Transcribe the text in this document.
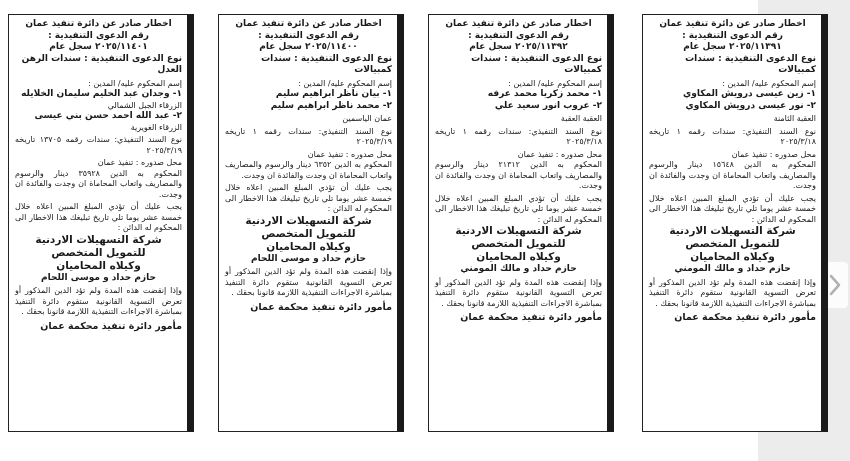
اخطار صادر عن دائرة تنفيذ عمان

رقم الدعوى التنفيذية :

٢٠٢٥/١١٤٠١ سجل عام

نوع الدعوى التنفيذية : سندات الرهن العدل

إسم المحكوم عليه/ المدين :

١- وجدان عبد الحليم سليمان الخلايله

الزرقاء الجبل الشمالي

٢- عبد الله احمد حسن بني عيسى

الزرقاء الغويرية

نوع السند التنفيذي: سندات رقمه ١٣٧٠٥ تاريخه ٢٠٢٥/٣/١٩

محل صدوره : تنفيذ عمان

المحكوم به الدين ٣٥٩٢٨ دينار والرسوم والمصاريف واتعاب المحاماة ان وجدت والفائدة ان وجدت.

يجب عليك أن تؤدي المبلغ المبين اعلاه خلال خمسة عشر يوما تلي تاريخ تبليغك هذا الاخطار الى المحكوم له الدائن :

شركة التسهيلات الاردنية للتمويل المتخصص

وكيلاه المحاميان

حازم حداد و موسى اللحام

وإذا إنقضت هذه المدة ولم تؤد الدين المذكور أو تعرض التسوية القانونية ستقوم دائرة التنفيذ بمباشرة الاجراءات التنفيذية اللازمة قانونا بحقك .

مأمور دائرة تنفيذ محكمة عمان

اخطار صادر عن دائرة تنفيذ عمان

رقم الدعوى التنفيذية :

٢٠٢٥/١١٤٠٠ سجل عام

نوع الدعوى التنفيذية : سندات كمبيالات

إسم المحكوم عليه/ المدين :

١- بيان ناظر ابراهيم سليم

٢- محمد ناظر ابراهيم سليم

عمان الياسمين

نوع السند التنفيذي: سندات رقمه ١ تاريخه ٢٠٢٥/٣/١٩

محل صدوره : تنفيذ عمان

المحكوم به الدين ٦٣٥٢ دينار والرسوم والمصاريف واتعاب المحاماة ان وجدت والفائدة ان وجدت.

يجب عليك أن تؤدي المبلغ المبين اعلاه خلال خمسة عشر يوما تلي تاريخ تبليغك هذا الاخطار الى المحكوم له الدائن :

شركة التسهيلات الاردنية للتمويل المتخصص

وكيلاه المحاميان

حازم حداد و موسى اللحام

وإذا إنقضت هذه المدة ولم تؤد الدين المذكور أو تعرض التسوية القانونية ستقوم دائرة التنفيذ بمباشرة الاجراءات التنفيذية اللازمة قانونا بحقك .

مأمور دائرة تنفيذ محكمة عمان

اخطار صادر عن دائرة تنفيذ عمان

رقم الدعوى التنفيذية :

٢٠٢٥/١١٣٩٢ سجل عام

نوع الدعوى التنفيذية : سندات كمبيالات

إسم المحكوم عليه/ المدين :

١- محمد زكريا محمد عرفه

٢- عروب انور سعيد علي

العقبة العقبة

نوع السند التنفيذي: سندات رقمه ١ تاريخه ٢٠٢٥/٣/١٨

محل صدوره : تنفيذ عمان

المحكوم به الدين ٢١٣١٢ دينار والرسوم والمصاريف واتعاب المحاماة ان وجدت والفائدة ان وجدت.

يجب عليك أن تؤدي المبلغ المبين اعلاه خلال خمسة عشر يوما تلي تاريخ تبليغك هذا الاخطار الى المحكوم له الدائن :

شركة التسهيلات الاردنية للتمويل المتخصص

وكيلاه المحاميان

حازم حداد و مالك المومني

وإذا إنقضت هذه المدة ولم تؤد الدين المذكور أو تعرض التسوية القانونية ستقوم دائرة التنفيذ بمباشرة الاجراءات التنفيذية اللازمة قانونا بحقك .

مأمور دائرة تنفيذ محكمة عمان

اخطار صادر عن دائرة تنفيذ عمان

رقم الدعوى التنفيذية :

٢٠٢٥/١١٣٩١ سجل عام

نوع الدعوى التنفيذية : سندات كمبيالات

إسم المحكوم عليه/ المدين :

١- زين عيسى درويش المكاوي

٢- نور عيسى درويش المكاوي

العقبة الثامنة

نوع السند التنفيذي: سندات رقمه ١ تاريخه ٢٠٢٥/٣/١٨

محل صدوره : تنفيذ عمان

المحكوم به الدين ١٥٦٤٨ دينار والرسوم والمصاريف واتعاب المحاماة ان وجدت والفائدة ان وجدت.

يجب عليك أن تؤدي المبلغ المبين اعلاه خلال خمسة عشر يوما تلي تاريخ تبليغك هذا الاخطار الى المحكوم له الدائن :

شركة التسهيلات الاردنية للتمويل المتخصص

وكيلاه المحاميان

حازم حداد و مالك المومني

وإذا إنقضت هذه المدة ولم تؤد الدين المذكور أو تعرض التسوية القانونية ستقوم دائرة التنفيذ بمباشرة الاجراءات التنفيذية اللازمة قانونا بحقك .

مأمور دائرة تنفيذ محكمة عمان
